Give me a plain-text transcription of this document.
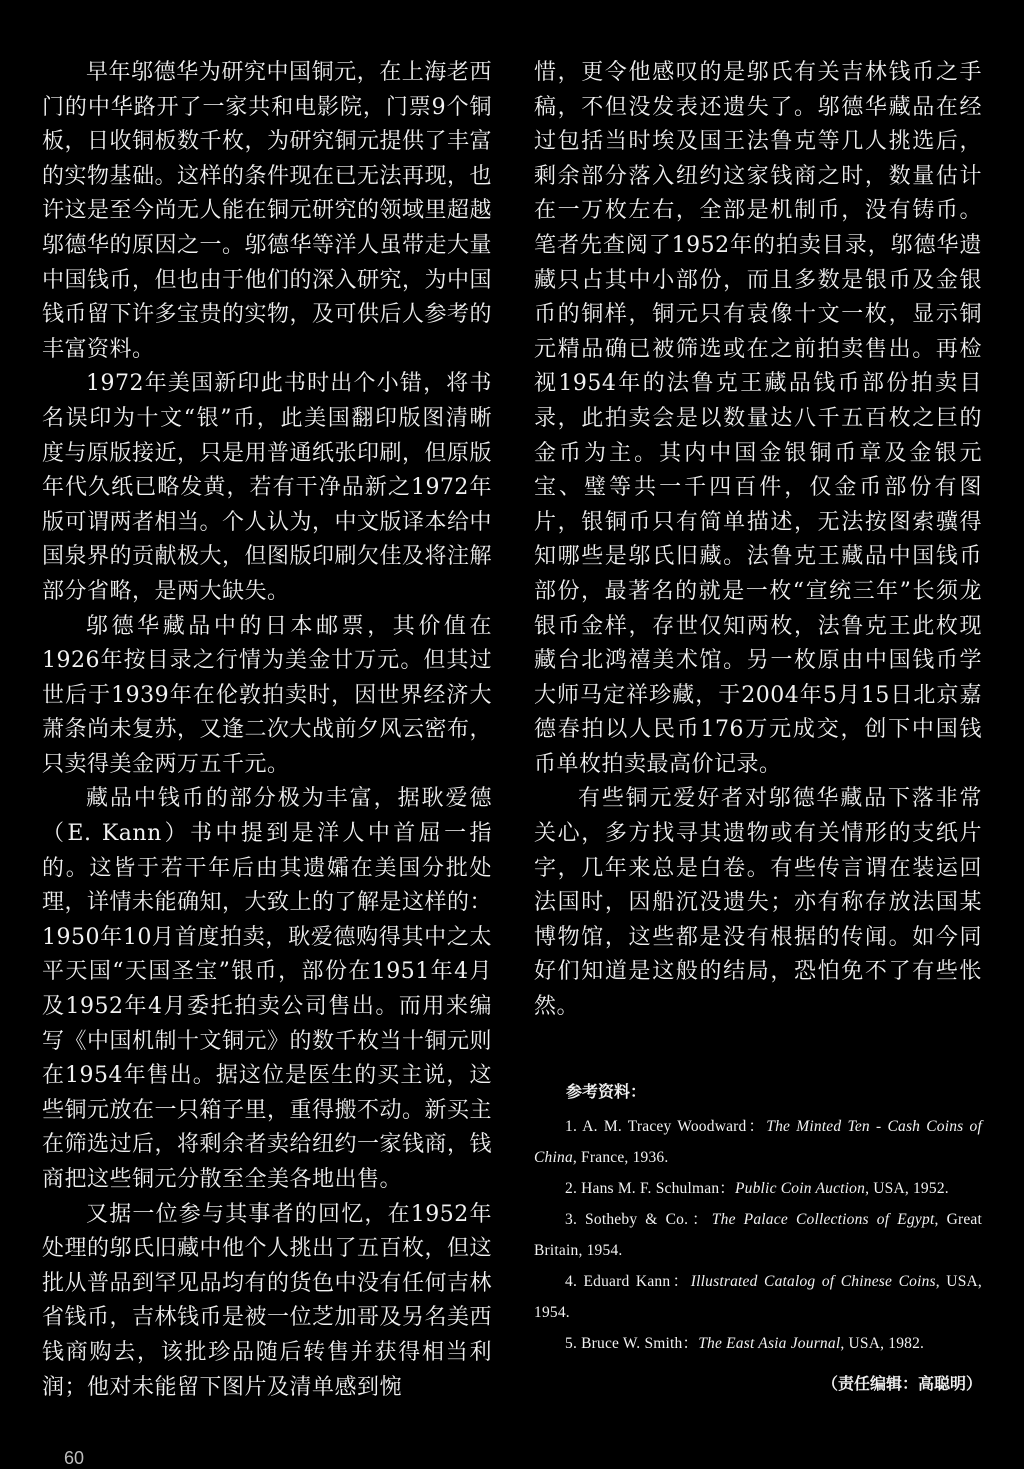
早年邬德华为研究中国铜元，在上海老西门的中华路开了一家共和电影院，门票9个铜板，日收铜板数千枚，为研究铜元提供了丰富的实物基础。这样的条件现在已无法再现，也许这是至今尚无人能在铜元研究的领域里超越邬德华的原因之一。邬德华等洋人虽带走大量中国钱币，但也由于他们的深入研究，为中国钱币留下许多宝贵的实物，及可供后人参考的丰富资料。

1972年美国新印此书时出个小错，将书名误印为十文“银”币，此美国翻印版图清晰度与原版接近，只是用普通纸张印刷，但原版年代久纸已略发黄，若有干净品新之1972年版可谓两者相当。个人认为，中文版译本给中国泉界的贡献极大，但图版印刷欠佳及将注解部分省略，是两大缺失。

邬德华藏品中的日本邮票，其价值在1926年按目录之行情为美金廿万元。但其过世后于1939年在伦敦拍卖时，因世界经济大萧条尚未复苏，又逢二次大战前夕风云密布，只卖得美金两万五千元。

藏品中钱币的部分极为丰富，据耿爱德（E. Kann）书中提到是洋人中首屈一指的。这皆于若干年后由其遗孀在美国分批处理，详情未能确知，大致上的了解是这样的：1950年10月首度拍卖，耿爱德购得其中之太平天国“天国圣宝”银币，部份在1951年4月及1952年4月委托拍卖公司售出。而用来编写《中国机制十文铜元》的数千枚当十铜元则在1954年售出。据这位是医生的买主说，这些铜元放在一只箱子里，重得搬不动。新买主在筛选过后，将剩余者卖给纽约一家钱商，钱商把这些铜元分散至全美各地出售。

又据一位参与其事者的回忆，在1952年处理的邬氏旧藏中他个人挑出了五百枚，但这批从普品到罕见品均有的货色中没有任何吉林省钱币，吉林钱币是被一位芝加哥及另名美西钱商购去，该批珍品随后转售并获得相当利润；他对未能留下图片及清单感到惋

惜，更令他感叹的是邬氏有关吉林钱币之手稿，不但没发表还遗失了。邬德华藏品在经过包括当时埃及国王法鲁克等几人挑选后，剩余部分落入纽约这家钱商之时，数量估计在一万枚左右，全部是机制币，没有铸币。笔者先查阅了1952年的拍卖目录，邬德华遗藏只占其中小部份，而且多数是银币及金银币的铜样，铜元只有袁像十文一枚，显示铜元精品确已被筛选或在之前拍卖售出。再检视1954年的法鲁克王藏品钱币部份拍卖目录，此拍卖会是以数量达八千五百枚之巨的金币为主。其内中国金银铜币章及金银元宝、璧等共一千四百件，仅金币部份有图片，银铜币只有简单描述，无法按图索骥得知哪些是邬氏旧藏。法鲁克王藏品中国钱币部份，最著名的就是一枚“宣统三年”长须龙银币金样，存世仅知两枚，法鲁克王此枚现藏台北鸿禧美术馆。另一枚原由中国钱币学大师马定祥珍藏，于2004年5月15日北京嘉德春拍以人民币176万元成交，创下中国钱币单枚拍卖最高价记录。

有些铜元爱好者对邬德华藏品下落非常关心，多方找寻其遗物或有关情形的支纸片字，几年来总是白卷。有些传言谓在装运回法国时，因船沉没遗失；亦有称存放法国某博物馆，这些都是没有根据的传闻。如今同好们知道是这般的结局，恐怕免不了有些怅然。

参考资料：
1. A. M. Tracey Woodward：The Minted Ten - Cash Coins of China, France, 1936.
2. Hans M. F. Schulman：Public Coin Auction, USA, 1952.
3. Sotheby & Co.：The Palace Collections of Egypt, Great Britain, 1954.
4. Eduard Kann：Illustrated Catalog of Chinese Coins, USA, 1954.
5. Bruce W. Smith：The East Asia Journal, USA, 1982.
（责任编辑：高聪明）
60
